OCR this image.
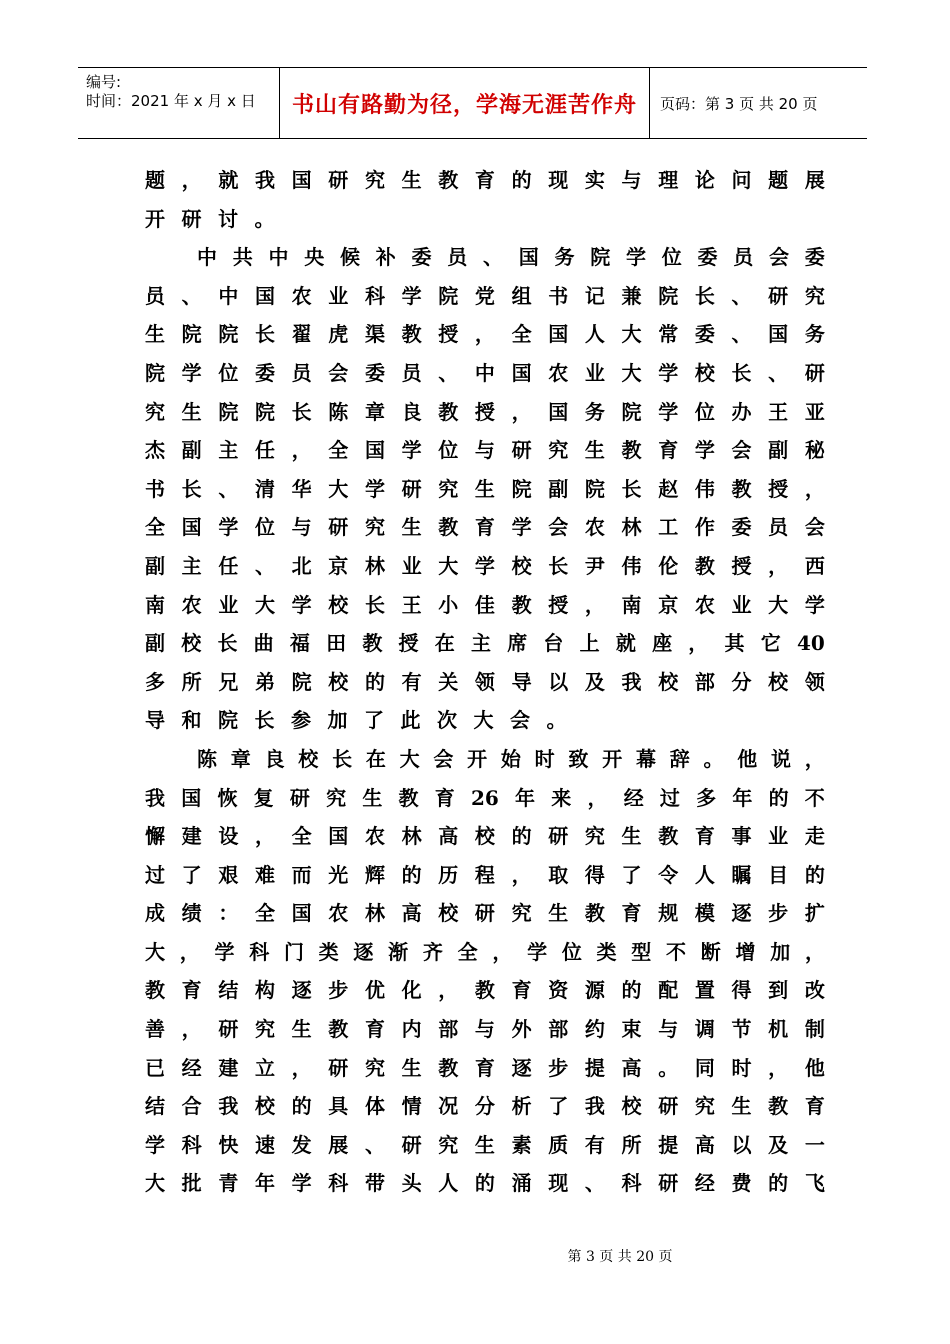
编号:
时间：2021 年 x 月 x 日 书山有路勤为径，学海无涯苦作舟 页码：第 3 页 共 20 页
题 ， 就 我 国 研 究 生 教 育 的 现 实 与 理 论 问 题 展
开 研 讨 。
中 共 中 央 候 补 委 员 、 国 务 院 学 位 委 员 会 委
员 、 中 国 农 业 科 学 院 党 组 书 记 兼 院 长 、 研 究
生 院 院 长 翟 虎 渠 教 授 ， 全 国 人 大 常 委 、 国 务
院 学 位 委 员 会 委 员 、 中 国 农 业 大 学 校 长 、 研
究 生 院 院 长 陈 章 良 教 授 ， 国 务 院 学 位 办 王 亚
杰 副 主 任 ， 全 国 学 位 与 研 究 生 教 育 学 会 副 秘
书 长 、 清 华 大 学 研 究 生 院 副 院 长 赵 伟 教 授 ，
全 国 学 位 与 研 究 生 教 育 学 会 农 林 工 作 委 员 会
副 主 任 、 北 京 林 业 大 学 校 长 尹 伟 伦 教 授 ， 西
南 农 业 大 学 校 长 王 小 佳 教 授 ， 南 京 农 业 大 学
副 校 长 曲 福 田 教 授 在 主 席 台 上 就 座 ， 其 它 40
多 所 兄 弟 院 校 的 有 关 领 导 以 及 我 校 部 分 校 领
导 和 院 长 参 加 了 此 次 大 会 。
陈 章 良 校 长 在 大 会 开 始 时 致 开 幕 辞 。 他 说 ，
我 国 恢 复 研 究 生 教 育 26 年 来 ， 经 过 多 年 的 不
懈 建 设 ， 全 国 农 林 高 校 的 研 究 生 教 育 事 业 走
过 了 艰 难 而 光 辉 的 历 程 ， 取 得 了 令 人 瞩 目 的
成 绩 ： 全 国 农 林 高 校 研 究 生 教 育 规 模 逐 步 扩
大 ， 学 科 门 类 逐 渐 齐 全 ， 学 位 类 型 不 断 增 加 ，
教 育 结 构 逐 步 优 化 ， 教 育 资 源 的 配 置 得 到 改
善 ， 研 究 生 教 育 内 部 与 外 部 约 束 与 调 节 机 制
已 经 建 立 ， 研 究 生 教 育 逐 步 提 高 。 同 时 ， 他
结 合 我 校 的 具 体 情 况 分 析 了 我 校 研 究 生 教 育
学 科 快 速 发 展 、 研 究 生 素 质 有 所 提 高 以 及 一
大 批 青 年 学 科 带 头 人 的 涌 现 、 科 研 经 费 的 飞
第 3 页 共 20 页
